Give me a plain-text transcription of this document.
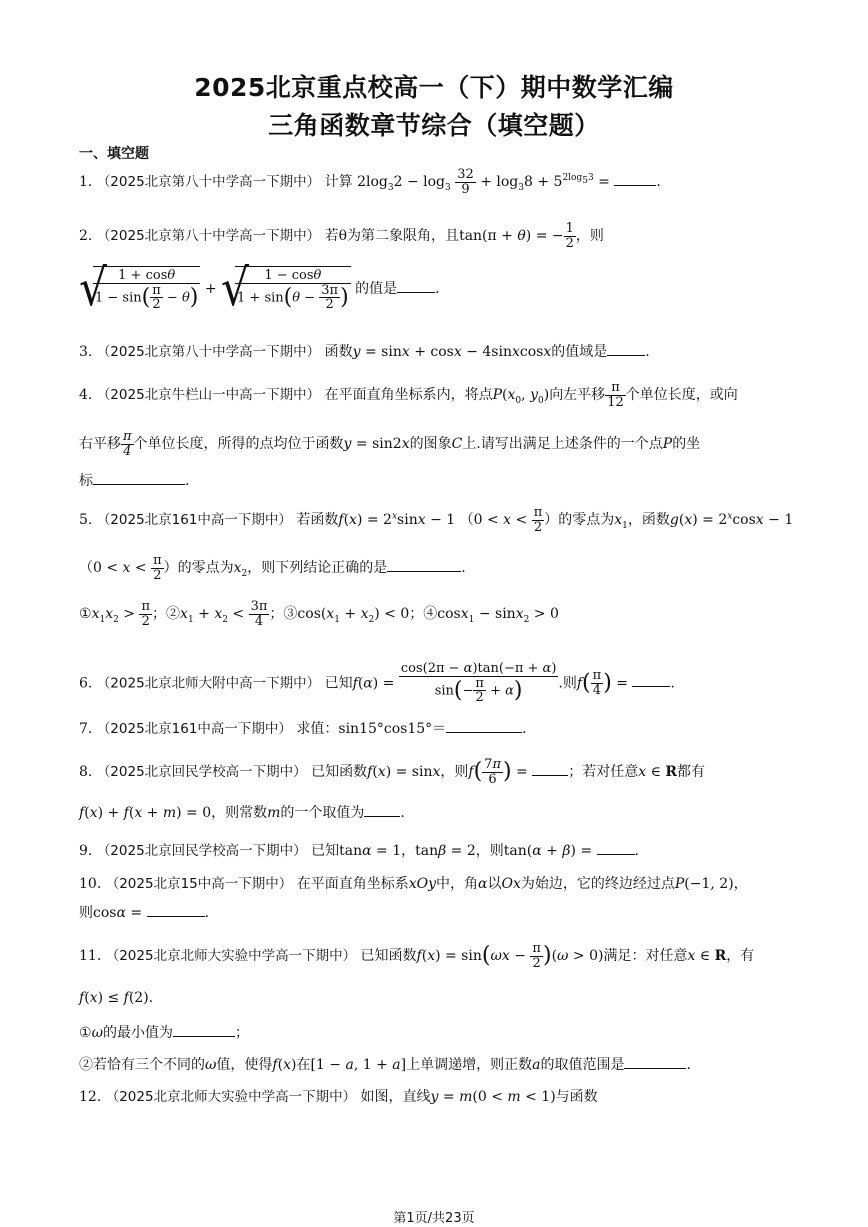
2025北京重点校高一（下）期中数学汇编
三角函数章节综合（填空题）
一、填空题
1. （2025北京第八十中学高一下期中） 计算 $2\log_32 - \log_3 \frac{32}{9} + \log_38 + 5^{2log_53}$ =	.
2. （2025北京第八十中学高一下期中） 若θ为第二象限角，且tan(π + θ) = − $\frac{1}{2}$ ，则
√
$\frac{1 + \cos\theta}{1 - \sin( \frac{\pi}{2} - \theta)}$ + √
$\frac{1 - \cos\theta}{1 + \sin(\theta - \frac{3\pi}{2} )}$ 的值是	.
3. （2025北京第八十中学高一下期中） 函数y = sinx + cosx − 4sinxcosx的值域是	.
4. （2025北京牛栏山一中高一下期中） 在平面直角坐标系内，将点$P(x_0$, $y_0$)向左平移 $\frac{\pi}{12}$ 个单位长度，或向
右平移 $\frac{\pi}{4}$ 个单位长度，所得的点均位于函数y = sin2x的图象C上.请写出满足上述条件的一个点P的坐
标	.
5. （2025北京161中高一下期中） 若函数$f(x) = 2^x\sin x - 1$ （$0 < x < \frac{\pi}{2}$ ）的零点为$x_1$，函数$g(x) = 2^x\cos x - 1$
（$0 < x < \frac{\pi}{2}$ ）的零点为$x_2$，则下列结论正确的是	.
$①x_1x_2 > \frac{\pi}{2}$ ；$②x_1 + x_2 < \frac{3\pi}{4}$ ；$③\cos(x_1 + x_2) < 0$；④cosx$_1$ − sinx$_2$ > 0
6. （2025北京北师大附中高一下期中） 已知$f(\alpha) = \frac{\cos(2\pi - \alpha)\tan(-\pi + \alpha)}{\sin(- \frac{\pi}{2} + \alpha)}$ .则$f( \frac{\pi}{4}$ ) =	.
7. （2025北京161中高一下期中） 求值：sin15°cos15°＝	.
8. （2025北京回民学校高一下期中） 已知函数f(x) = sinx，则$f( \frac{7\pi}{6}$ ) =	；若对任意x ∈ R都有
f(x) + f(x + m) = 0，则常数m的一个取值为	.
9. （2025北京回民学校高一下期中） 已知tanα = 1，tanβ = 2，则tan(α + β) =	.
10. （2025北京15中高一下期中） 在平面直角坐标系xOy中，角α以Ox为始边，它的终边经过点P(−1, 2)，
则cosα =	.
11. （2025北京北师大实验中学高一下期中） 已知函数$f(x) = \sin(\omega x - \frac{\pi}{2} )(\omega > 0)$满足：对任意x ∈ R，有
f(x) ≤ f(2).
①ω的最小值为	；
②若恰有三个不同的ω值，使得f(x)在[1 − a, 1 + a]上单调递增，则正数a的取值范围是	.
12. （2025北京北师大实验中学高一下期中） 如图，直线y = m(0 < m < 1)与函数
第1页/共23页
